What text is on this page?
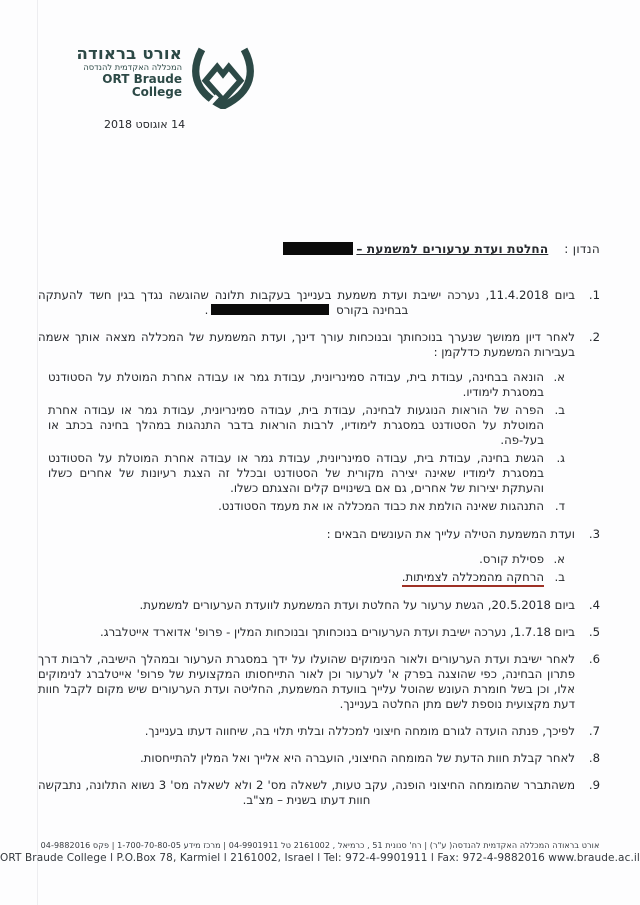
אורט בראודה
המכללה האקדמית להנדסה
ORT Braude College
14 אוגוסט 2018
הנדון :החלטת ועדת ערעורים למשמעת –
1.
ביום 11.4.2018, נערכה ישיבת ועדת משמעת בעניינך בעקבות תלונה שהוגשה נגדך בגין חשד להעתקה בבחינה בקורס .
2.
לאחר דיון ממושך שנערך בנוכחותך ובנוכחות עורך דינך, ועדת המשמעת של המכללה מצאה אותך אשמה בעבירות המשמעת כדלקמן :
א.
הונאה בבחינה, עבודת בית, עבודה סמינריונית, עבודת גמר או עבודה אחרת המוטלת על הסטודנט במסגרת לימודיו.
ב.
הפרה של הוראות הנוגעות לבחינה, עבודת בית, עבודה סמינריונית, עבודת גמר או עבודה אחרת המוטלת על הסטודנט במסגרת לימודיו, לרבות הוראות בדבר התנהגות במהלך בחינה בכתב או בעל-פה.
ג.
הגשת בחינה, עבודת בית, עבודה סמינריונית, עבודת גמר או עבודה אחרת המוטלת על הסטודנט במסגרת לימודיו שאינה יצירה מקורית של הסטודנט ובכלל זה הצגת רעיונות של אחרים כשלו והעתקת יצירות של אחרים, גם אם בשינויים קלים והצגתם כשלו.
ד.
התנהגות שאינה הולמת את כבוד המכללה או את מעמד הסטודנט.
3.
ועדת המשמעת הטילה עלייך את העונשים הבאים :
א.
פסילת קורס.
ב.
הרחקה מהמכללה לצמיתות.
4.
ביום 20.5.2018, הגשת ערעור על החלטת ועדת המשמעת לוועדת הערעורים למשמעת.
5.
ביום 1.7.18, נערכה ישיבת ועדת הערעורים בנוכחותך ובנוכחות המלין - פרופ' אדוארד אייטלברג.
6.
לאחר ישיבת ועדת הערעורים ולאור הנימוקים שהועלו על ידך במסגרת הערעור ובמהלך הישיבה, לרבות דרך פתרון הבחינה, כפי שהוצגה בפרק א' לערעור וכן לאור התייחסותו המקצועית של פרופ' אייטלברג לנימוקים אלו, וכן בשל חומרת העונש שהוטל עלייך בוועדת המשמעת, החליטה ועדת הערעורים שיש מקום לקבל חוות דעת מקצועית נוספת לשם מתן החלטה בעניינך.
7.
לפיכך, פנתה הועדה לגורם מומחה חיצוני למכללה ובלתי תלוי בה, שיחווה דעתו בעניינך.
8.
לאחר קבלת חוות הדעת של המומחה החיצוני, הועברה היא אלייך ואל המלין להתייחסות.
9.
משהתברר שהמומחה החיצוני הופנה, עקב טעות, לשאלה מס' 2 ולא לשאלה מס' 3 נשוא התלונה, נתבקשה חוות דעתו בשנית – מצ"ב.
אורט בראודה המכללה האקדמית להנדסה( ע"ר) | רח' סנונית 51 , כרמיאל , 2161002 טל 04-9901911 | מרכז מידע 1-700-70-80-05 | פקס 04-9882016
ORT Braude College l P.O.Box 78, Karmiel l 2161002, Israel l Tel: 972-4-9901911 l Fax: 972-4-9882016 www.braude.ac.il
